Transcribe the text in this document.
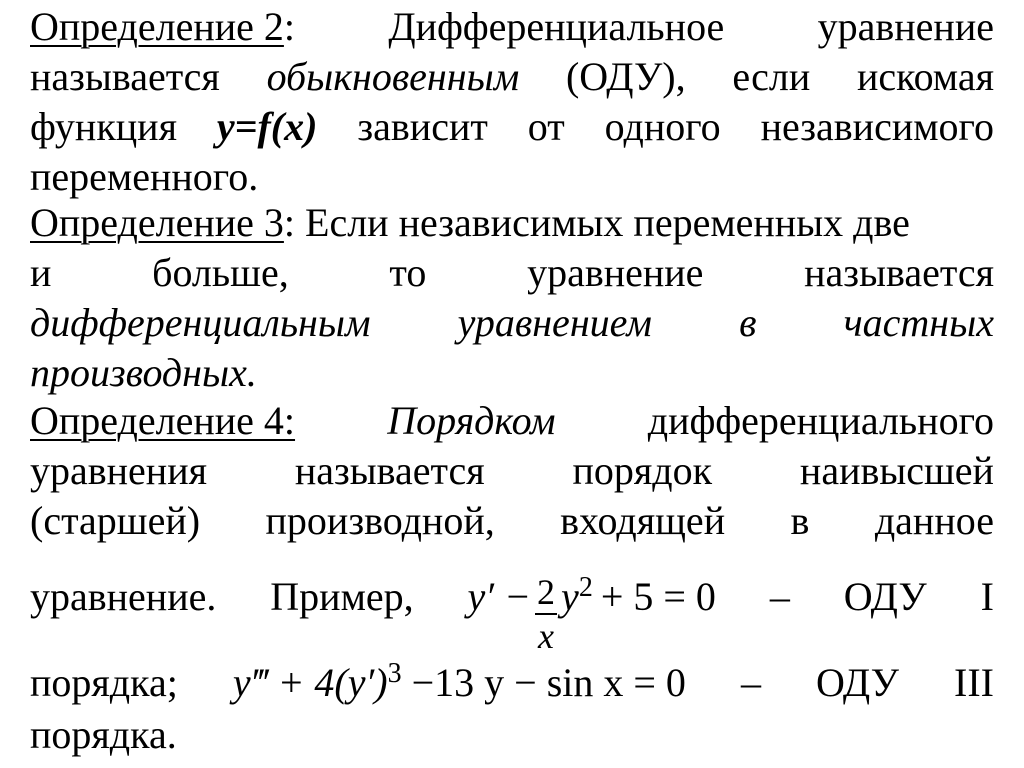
Определение 2: Дифференциальное уравнение
называется обыкновенным (ОДУ), если искомая
функция y=f(x) зависит от одного независимого
переменного.
Определение 3: Если независимых переменных две
и	больше,	то	уравнение	называется
дифференциальным уравнением в частных
производных.
Определение 4: Порядком дифференциального
уравнения называется порядок наивысшей
(старшей) производной, входящей в данное
уравнение. Пример, $y' - \frac{2}{x} y^2 + 5 = 0$ – ОДУ I
порядка; y‴ + $4(y')^3 -13$ y − sin x = 0 – ОДУ III
порядка.
